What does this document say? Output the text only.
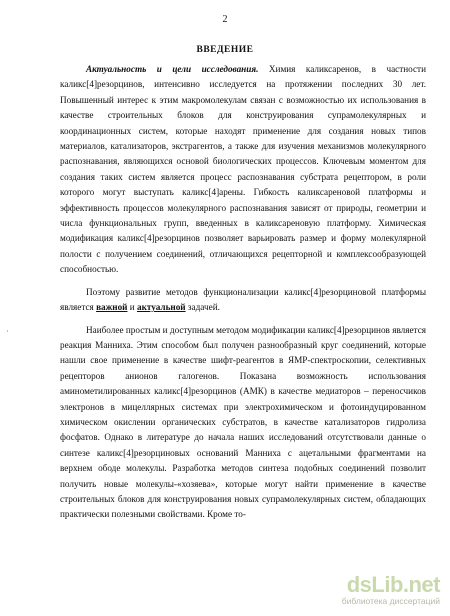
2
ВВЕДЕНИЕ

Актуальность и цели исследования. Химия каликсаренов, в частности каликс[4]резорцинов, интенсивно исследуется на протяжении последних 30 лет. Повышенный интерес к этим макромолекулам связан с возможностью их использования в качестве строительных блоков для конструирования супрамолекулярных и координационных систем, которые находят применение для создания новых типов материалов, катализаторов, экстрагентов, а также для изучения механизмов молекулярного распознавания, являющихся основой биологических процессов. Ключевым моментом для создания таких систем является процесс распознавания субстрата рецептором, в роли которого могут выступать каликс[4]арены. Гибкость каликсареновой платформы и эффективность процессов молекулярного распознавания зависят от природы, геометрии и числа функциональных групп, введенных в каликсареновую платформу. Химическая модификация каликс[4]резорцинов позволяет варьировать размер и форму молекулярной полости с получением соединений, отличающихся рецепторной и комплексообразующей способностью.

Поэтому развитие методов функционализации каликс[4]резорциновой платформы является важной и актуальной задачей.

Наиболее простым и доступным методом модификации каликс[4]резорцинов является реакция Манниха. Этим способом был получен разнообразный круг соединений, которые нашли свое применение в качестве шифт-реагентов в ЯМР-спектроскопии, селективных рецепторов анионов галогенов. Показана возможность использования аминометилированных каликс[4]резорцинов (АМК) в качестве медиаторов – переносчиков электронов в мицеллярных системах при электрохимическом и фотоиндуцированном химическом окислении органических субстратов, в качестве катализаторов гидролиза фосфатов. Однако в литературе до начала наших исследований отсутствовали данные о синтезе каликс[4]резорциновых оснований Манниха с ацетальными фрагментами на верхнем ободе молекулы. Разработка методов синтеза подобных соединений позволит получить новые молекулы-«хозяева», которые могут найти применение в качестве строительных блоков для конструирования новых супрамолекулярных систем, обладающих практически полезными свойствами. Кроме то-

·
dsLib.net
библиотека диссертаций
